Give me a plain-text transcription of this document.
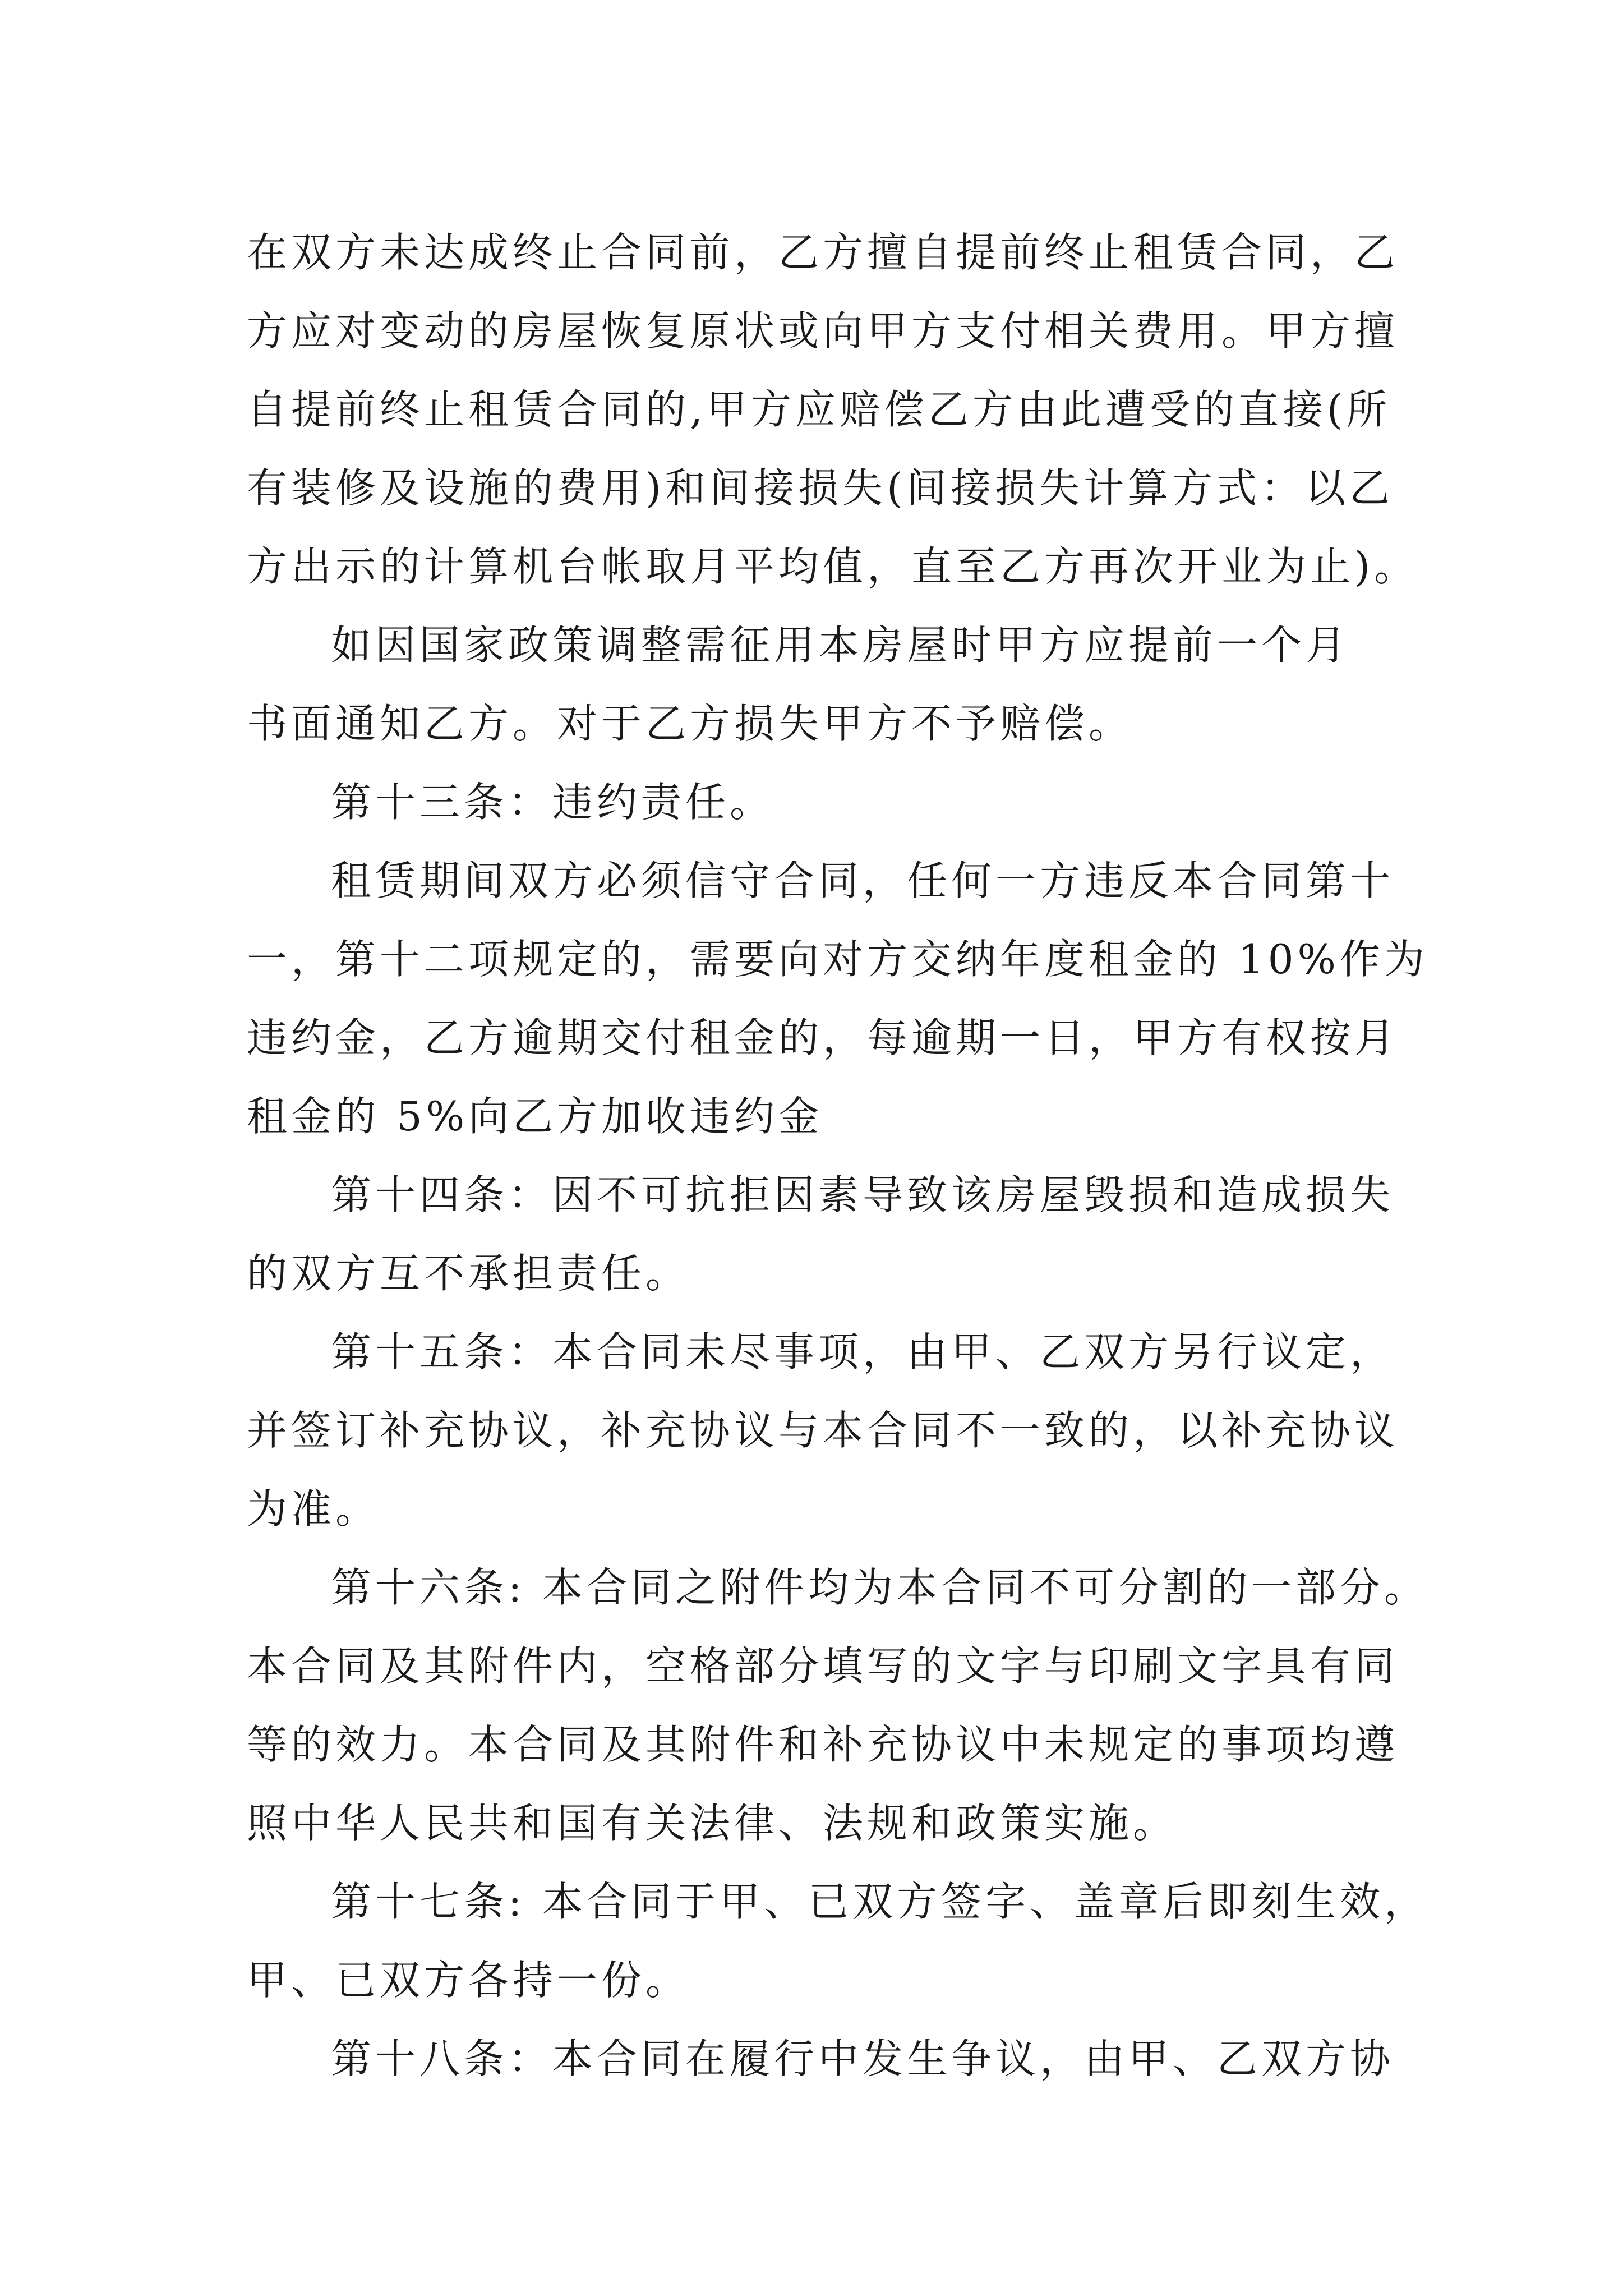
在双方未达成终止合同前，乙方擅自提前终止租赁合同，乙
方应对变动的房屋恢复原状或向甲方支付相关费用。甲方擅
自提前终止租赁合同的,甲方应赔偿乙方由此遭受的直接(所
有装修及设施的费用)和间接损失(间接损失计算方式：以乙
方出示的计算机台帐取月平均值，直至乙方再次开业为止)。
如因国家政策调整需征用本房屋时甲方应提前一个月
书面通知乙方。对于乙方损失甲方不予赔偿。
第十三条：违约责任。
租赁期间双方必须信守合同，任何一方违反本合同第十
一，第十二项规定的，需要向对方交纳年度租金的 10%作为
违约金，乙方逾期交付租金的，每逾期一日，甲方有权按月
租金的 5%向乙方加收违约金
第十四条：因不可抗拒因素导致该房屋毁损和造成损失
的双方互不承担责任。
第十五条：本合同未尽事项，由甲、乙双方另行议定，
并签订补充协议，补充协议与本合同不一致的，以补充协议
为准。
第十六条: 本合同之附件均为本合同不可分割的一部分。
本合同及其附件内，空格部分填写的文字与印刷文字具有同
等的效力。本合同及其附件和补充协议中未规定的事项均遵
照中华人民共和国有关法律、法规和政策实施。
第十七条: 本合同于甲、已双方签字、盖章后即刻生效，
甲、已双方各持一份。
第十八条：本合同在履行中发生争议，由甲、乙双方协
